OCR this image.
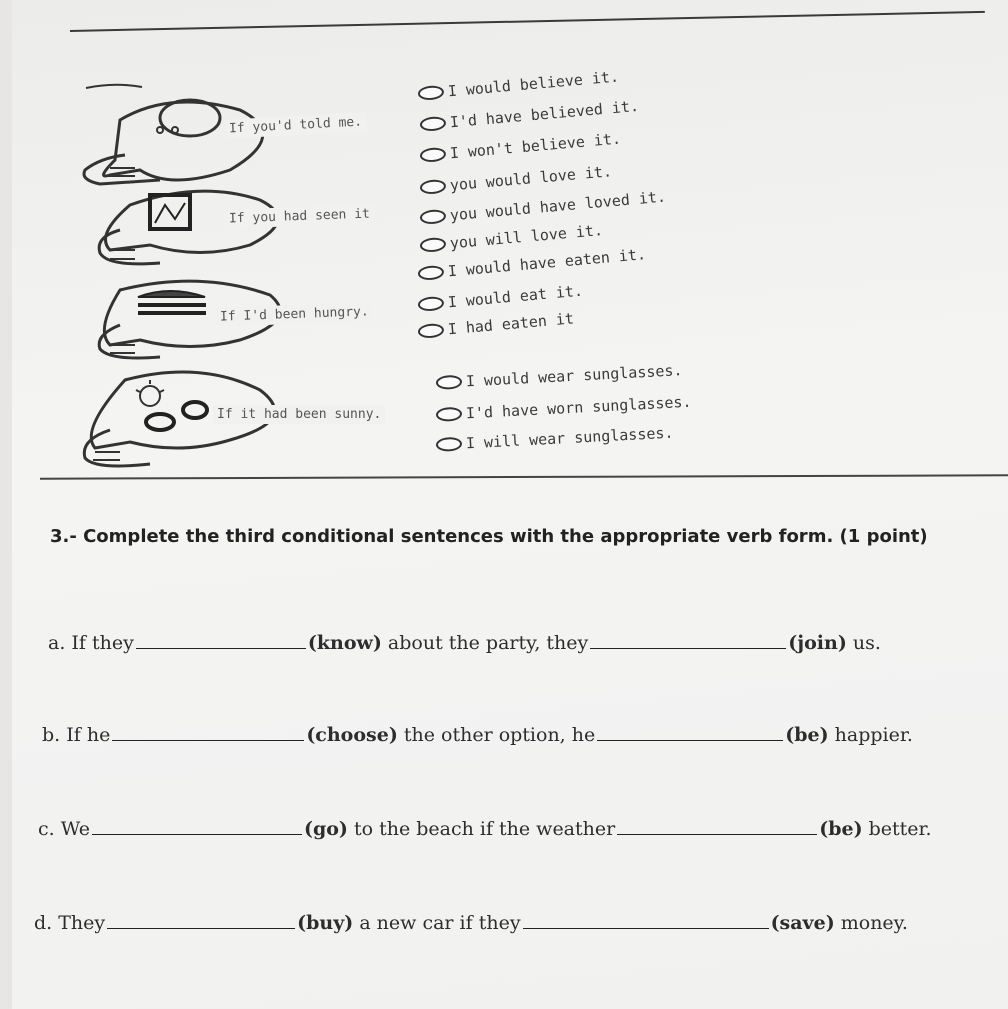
If you'd told me.
I would believe it.
I'd have believed it.
I won't believe it.
If you had seen it
you would love it.
you would have loved it.
you will love it.
If I'd been hungry.
I would have eaten it.
I would eat it.
I had eaten it
If it had been sunny.
I would wear sunglasses.
I'd have worn sunglasses.
I will wear sunglasses.
3.- Complete the third conditional sentences with the appropriate verb form. (1 point)
a.
If they	(know)
about the party, they	(join)
us.
b.
If he	(choose)
the other option, he	(be)
happier.
c.
We	(go)
to the beach if the weather	(be)
better.
d.
They	(buy)
a new car if they	(save)
money.
